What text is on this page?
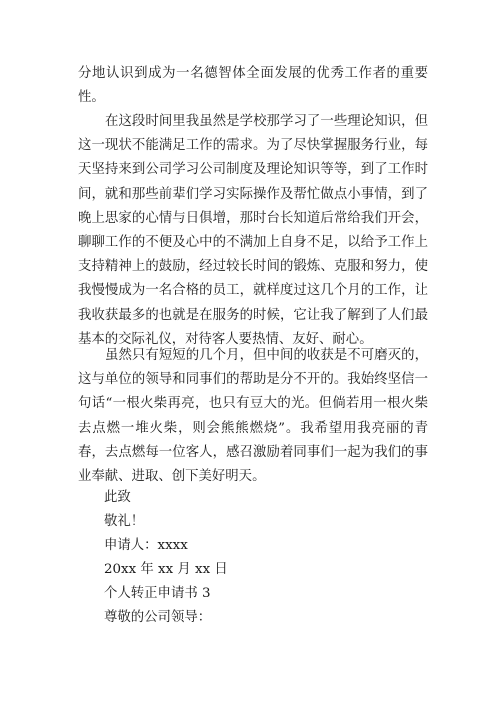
分地认识到成为一名德智体全面发展的优秀工作者的重要性。

在这段时间里我虽然是学校那学习了一些理论知识，但这一现状不能满足工作的需求。为了尽快掌握服务行业，每天坚持来到公司学习公司制度及理论知识等等，到了工作时间，就和那些前辈们学习实际操作及帮忙做点小事情，到了晚上思家的心情与日俱增，那时台长知道后常给我们开会，聊聊工作的不便及心中的不满加上自身不足，以给予工作上支持精神上的鼓励，经过较长时间的锻炼、克服和努力，使我慢慢成为一名合格的员工，就样度过这几个月的工作，让我收获最多的也就是在服务的时候，它让我了解到了人们最基本的交际礼仪，对待客人要热情、友好、耐心。

虽然只有短短的几个月，但中间的收获是不可磨灭的，这与单位的领导和同事们的帮助是分不开的。我始终坚信一句话“一根火柴再亮，也只有豆大的光。但倘若用一根火柴去点燃一堆火柴，则会熊熊燃烧”。我希望用我亮丽的青春，去点燃每一位客人，感召激励着同事们一起为我们的事业奉献、进取、创下美好明天。

此致

敬礼！

申请人：xxxx

20xx 年 xx 月 xx 日

个人转正申请书 3

尊敬的公司领导：
